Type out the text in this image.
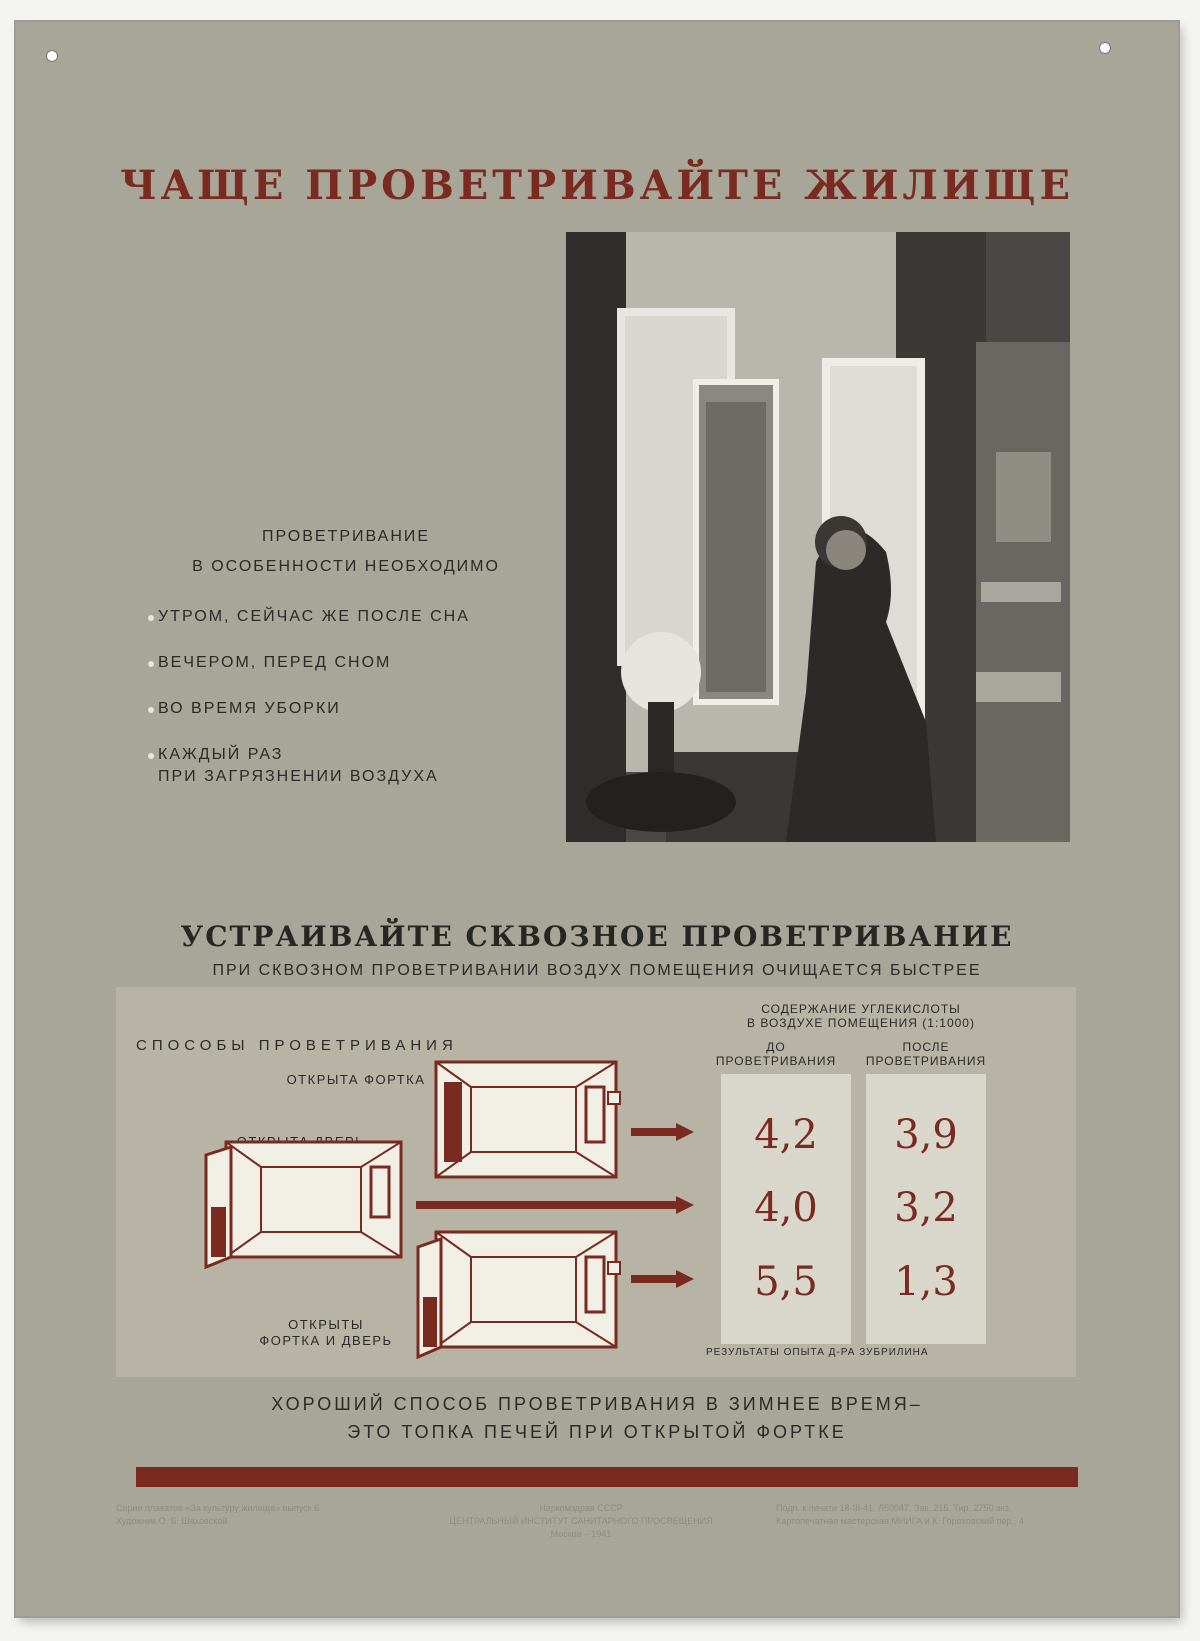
ЧАЩЕ ПРОВЕТРИВАЙТЕ ЖИЛИЩЕ
ПРОВЕТРИВАНИЕ
В ОСОБЕННОСТИ НЕОБХОДИМО
УТРОМ, СЕЙЧАС ЖЕ ПОСЛЕ СНА
ВЕЧЕРОМ, ПЕРЕД СНОМ
ВО ВРЕМЯ УБОРКИ
КАЖДЫЙ РАЗ
ПРИ ЗАГРЯЗНЕНИИ ВОЗДУХА
УСТРАИВАЙТЕ СКВОЗНОЕ ПРОВЕТРИВАНИЕ
ПРИ СКВОЗНОМ ПРОВЕТРИВАНИИ ВОЗДУХ ПОМЕЩЕНИЯ ОЧИЩАЕТСЯ БЫСТРЕЕ
СПОСОБЫ ПРОВЕТРИВАНИЯ
ОТКРЫТА ФОРТКА
ОТКРЫТЫ
ФОРТКА И ДВЕРЬ
СОДЕРЖАНИЕ УГЛЕКИСЛОТЫ
В ВОЗДУХЕ ПОМЕЩЕНИЯ (1:1000)
ДО
ПРОВЕТРИВАНИЯ
ПОСЛЕ
ПРОВЕТРИВАНИЯ
4,2	3,9
4,0	3,2
5,5	1,3
РЕЗУЛЬТАТЫ ОПЫТА Д-РА ЗУБРИЛИНА
ХОРОШИЙ СПОСОБ ПРОВЕТРИВАНИЯ В ЗИМНЕЕ ВРЕМЯ–
ЭТО ТОПКА ПЕЧЕЙ ПРИ ОТКРЫТОЙ ФОРТКЕ
Серия плакатов «За культуру жилища» выпуск 6
Художник О. Б. Шаховской
Наркомздрав СССР
ЦЕНТРАЛЬНЫЙ ИНСТИТУТ САНИТАРНОГО ПРОСВЕЩЕНИЯ
Москва – 1941
Подп. к печати 18-III-41. Л50047. Зак. 215. Тир. 2750 экз.
Картопечатная мастерская МИИГА и К. Гороховский пер., 4
